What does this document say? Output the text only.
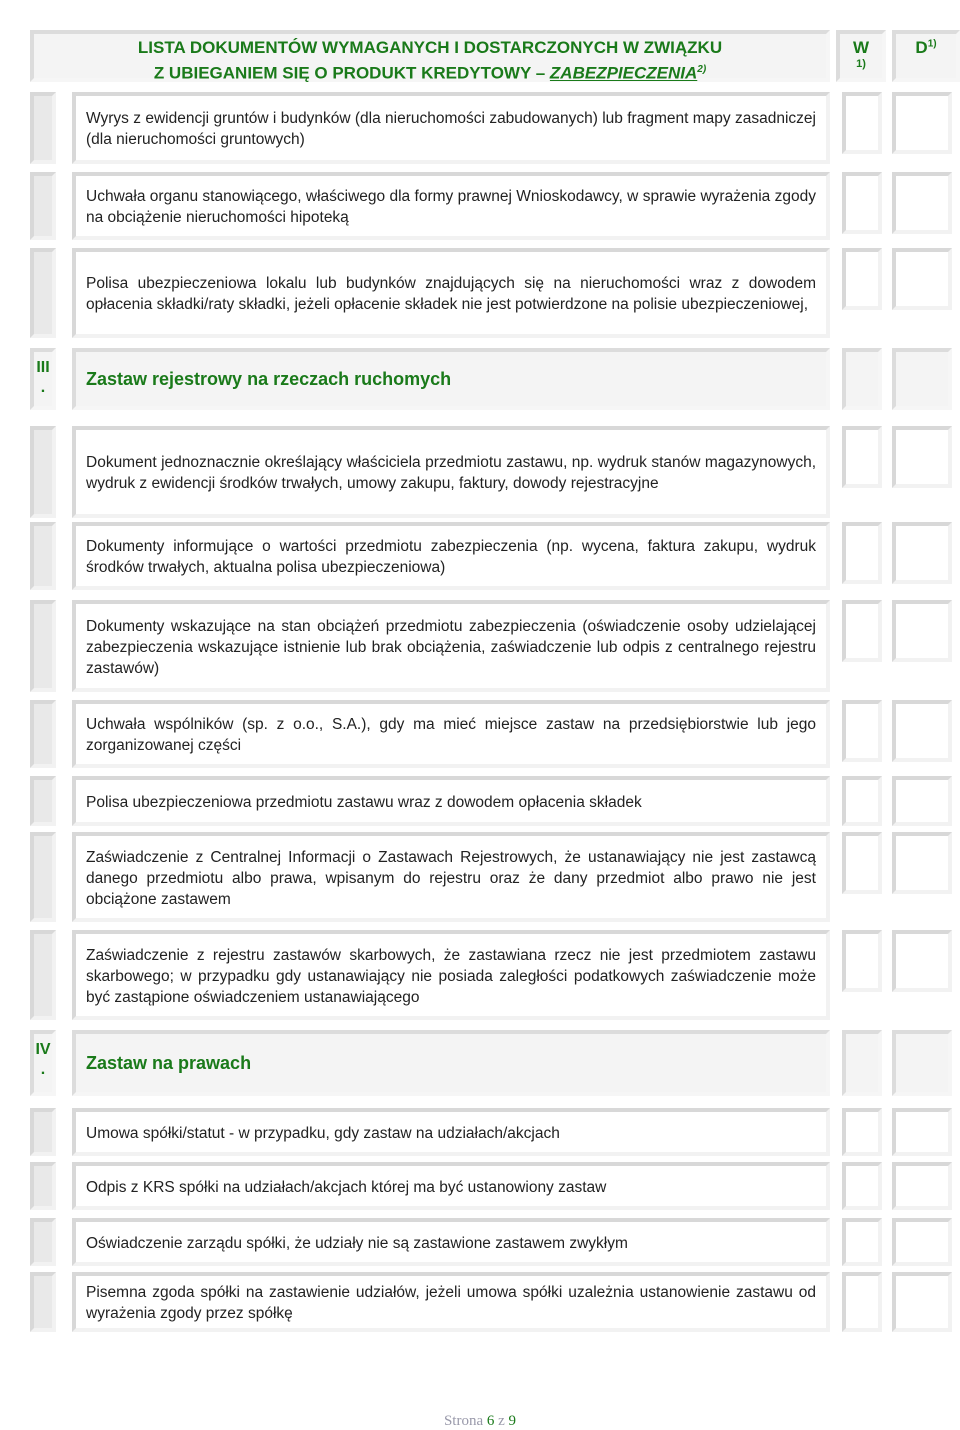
LISTA DOKUMENTÓW WYMAGANYCH I DOSTARCZONYCH W ZWIĄZKU
Z UBIEGANIEM SIĘ O PRODUKT KREDYTOWY – ZABEZPIECZENIA$^{2)}$
W
1)
$D^{1)}$
Wyrys z ewidencji gruntów i budynków (dla nieruchomości zabudowanych) lub fragment mapy zasadniczej (dla nieruchomości gruntowych)
Uchwała organu stanowiącego, właściwego dla formy prawnej Wnioskodawcy, w sprawie wyrażenia zgody na obciążenie nieruchomości hipoteką
Polisa ubezpieczeniowa lokalu lub budynków znajdujących się na nieruchomości wraz z dowodem opłacenia składki/raty składki, jeżeli opłacenie składek nie jest potwierdzone na polisie ubezpieczeniowej,
III
.	Zastaw rejestrowy na rzeczach ruchomych
Dokument jednoznacznie określający właściciela przedmiotu zastawu, np. wydruk stanów magazynowych, wydruk z ewidencji środków trwałych, umowy zakupu, faktury, dowody rejestracyjne
Dokumenty informujące o wartości przedmiotu zabezpieczenia (np. wycena, faktura zakupu, wydruk środków trwałych, aktualna polisa ubezpieczeniowa)
Dokumenty wskazujące na stan obciążeń przedmiotu zabezpieczenia (oświadczenie osoby udzielającej zabezpieczenia wskazujące istnienie lub brak obciążenia, zaświadczenie lub odpis z centralnego rejestru zastawów)
Uchwała wspólników (sp. z o.o., S.A.), gdy ma mieć miejsce zastaw na przedsiębiorstwie lub jego zorganizowanej części
Polisa ubezpieczeniowa przedmiotu zastawu wraz z dowodem opłacenia składek
Zaświadczenie z Centralnej Informacji o Zastawach Rejestrowych, że ustanawiający nie jest zastawcą danego przedmiotu albo prawa, wpisanym do rejestru oraz że dany przedmiot albo prawo nie jest obciążone zastawem
Zaświadczenie z rejestru zastawów skarbowych, że zastawiana rzecz nie jest przedmiotem zastawu skarbowego; w przypadku gdy ustanawiający nie posiada zaległości podatkowych zaświadczenie może być zastąpione oświadczeniem ustanawiającego
IV
.	Zastaw na prawach
Umowa spółki/statut - w przypadku, gdy zastaw na udziałach/akcjach
Odpis z KRS spółki na udziałach/akcjach której ma być ustanowiony zastaw
Oświadczenie zarządu spółki, że udziały nie są zastawione zastawem zwykłym
Pisemna zgoda spółki na zastawienie udziałów, jeżeli umowa spółki uzależnia ustanowienie zastawu od wyrażenia zgody przez spółkę
Strona 6 z 9
